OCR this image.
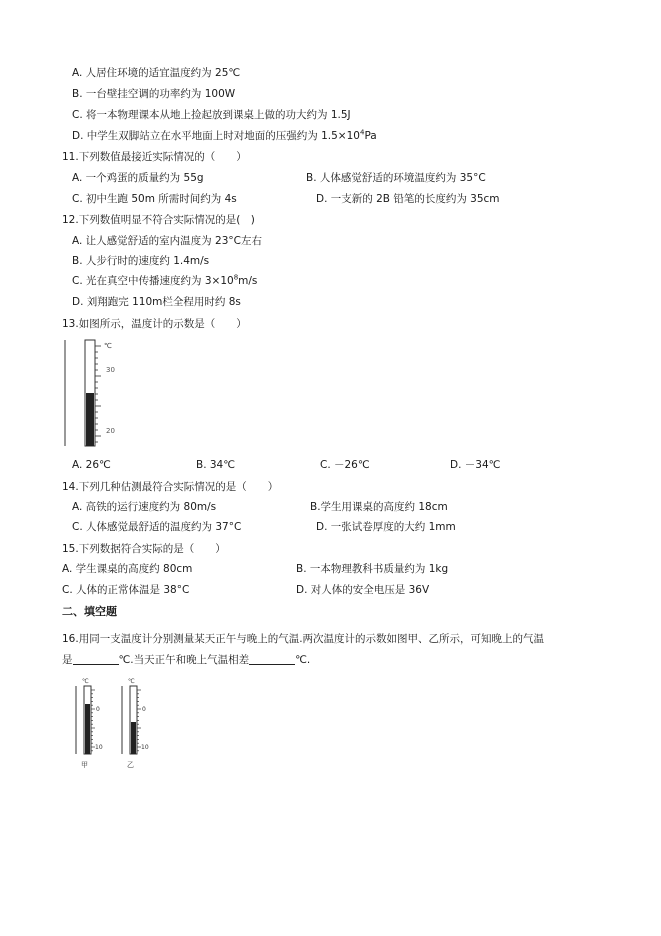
A. 人居住环境的适宜温度约为 25℃
B. 一台壁挂空调的功率约为 100W
C. 将一本物理课本从地上捡起放到课桌上做的功大约为 1.5J
D. 中学生双脚站立在水平地面上时对地面的压强约为 $1.5\times 10^4Pa$
11.下列数值最接近实际情况的（　　）
A. 一个鸡蛋的质量约为 55g	B. 人体感觉舒适的环境温度约为 35°C
C. 初中生跑 50m 所需时间约为 4s	D. 一支新的 2B 铅笔的长度约为 35cm
12.下列数值明显不符合实际情况的是(　)
A. 让人感觉舒适的室内温度为 23°C左右
B. 人步行时的速度约 1.4m/s
C. 光在真空中传播速度约为 $3\times 10^8m/s$
D. 刘翔跑完 110m栏全程用时约 8s
13.如图所示，温度计的示数是（　　）
℃
30
20
A. 26℃	B. 34℃	C. －26℃	D. －34℃
14.下列几种估测最符合实际情况的是（　　）
A. 高铁的运行速度约为 80m/s	B.学生用课桌的高度约 18cm
C. 人体感觉最舒适的温度约为 37°C	D. 一张试卷厚度的大约 1mm
15.下列数据符合实际的是（　　）
A. 学生课桌的高度约 80cm	B. 一本物理教科书质量约为 1kg
C. 人体的正常体温是 38°C	D. 对人体的安全电压是 36V
二、填空题
16.用同一支温度计分别测量某天正午与晚上的气温.两次温度计的示数如图甲、乙所示，可知晚上的气温
是	℃.当天正午和晚上气温相差	℃.
℃
0
10
甲
℃
0
10
乙
